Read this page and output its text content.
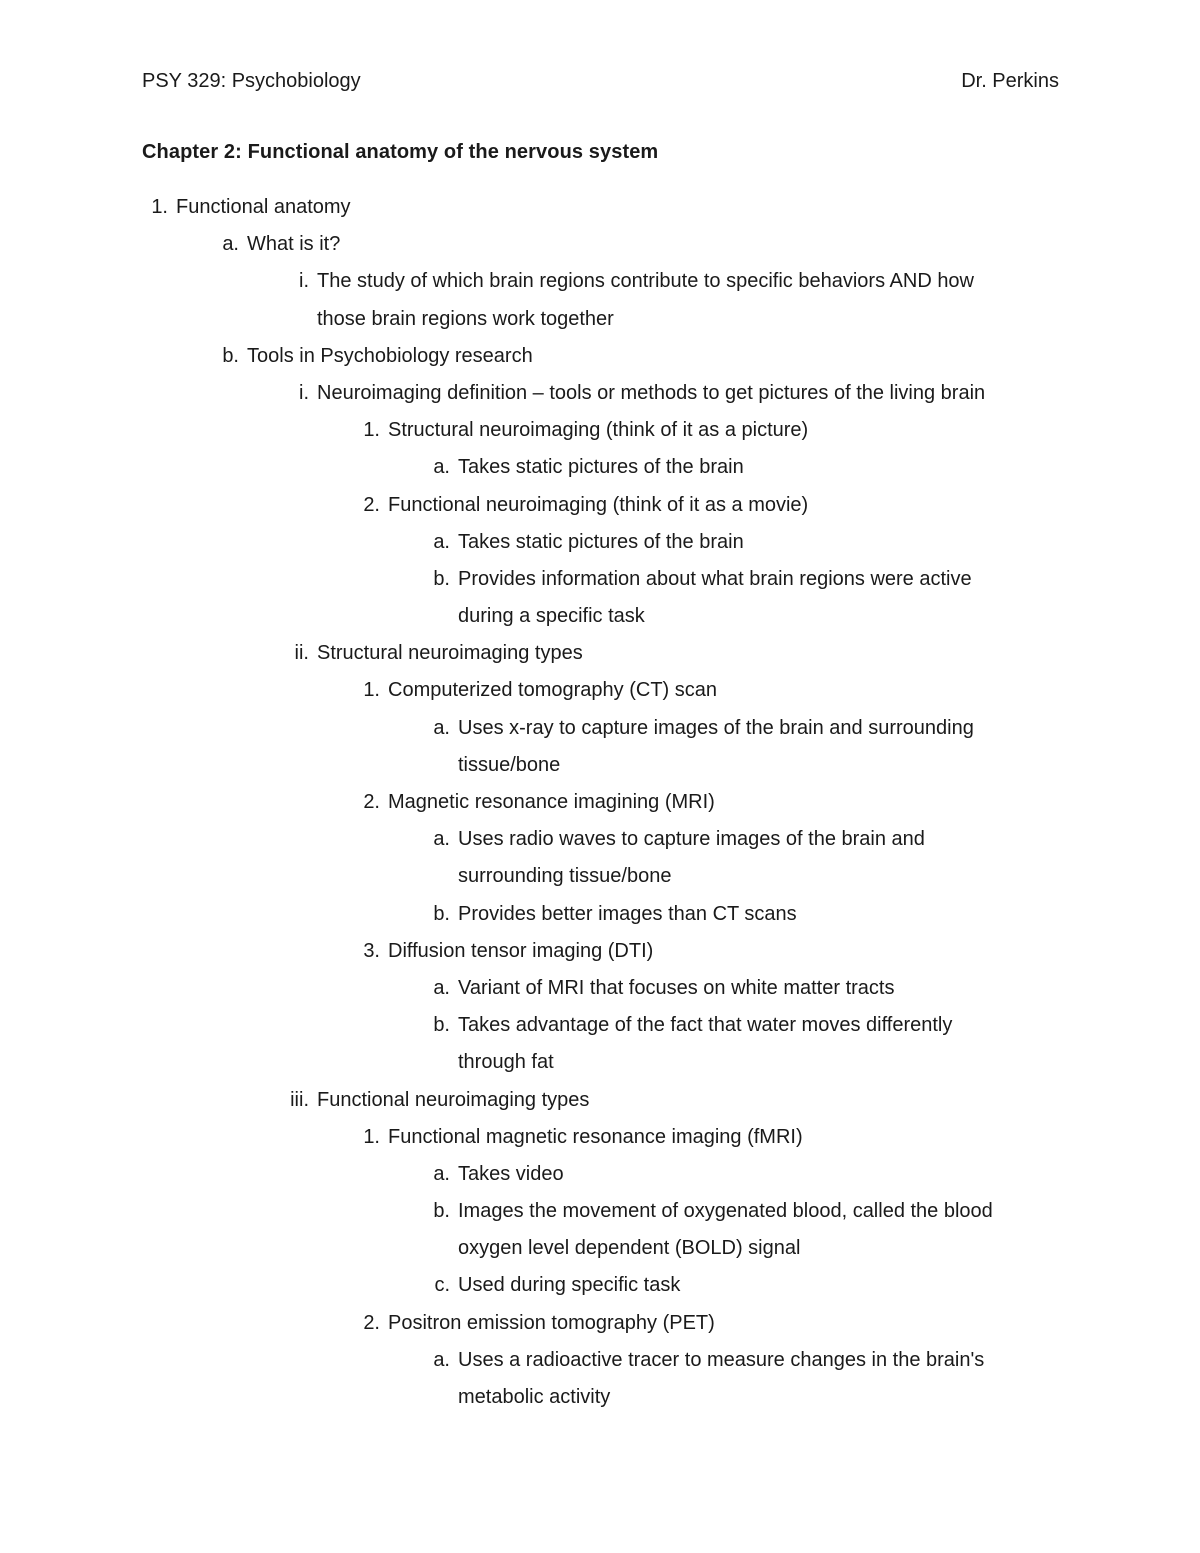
PSY 329: Psychobiology	Dr. Perkins
Chapter 2: Functional anatomy of the nervous system
1. Functional anatomy
a. What is it?
i. The study of which brain regions contribute to specific behaviors AND how
those brain regions work together
b. Tools in Psychobiology research
i. Neuroimaging definition – tools or methods to get pictures of the living brain
1. Structural neuroimaging (think of it as a picture)
a. Takes static pictures of the brain
2. Functional neuroimaging (think of it as a movie)
a. Takes static pictures of the brain
b. Provides information about what brain regions were active
during a specific task
ii. Structural neuroimaging types
1. Computerized tomography (CT) scan
a. Uses x-ray to capture images of the brain and surrounding
tissue/bone
2. Magnetic resonance imagining (MRI)
a. Uses radio waves to capture images of the brain and
surrounding tissue/bone
b. Provides better images than CT scans
3. Diffusion tensor imaging (DTI)
a. Variant of MRI that focuses on white matter tracts
b. Takes advantage of the fact that water moves differently
through fat
iii. Functional neuroimaging types
1. Functional magnetic resonance imaging (fMRI)
a. Takes video
b. Images the movement of oxygenated blood, called the blood
oxygen level dependent (BOLD) signal
c. Used during specific task
2. Positron emission tomography (PET)
a. Uses a radioactive tracer to measure changes in the brain's
metabolic activity
